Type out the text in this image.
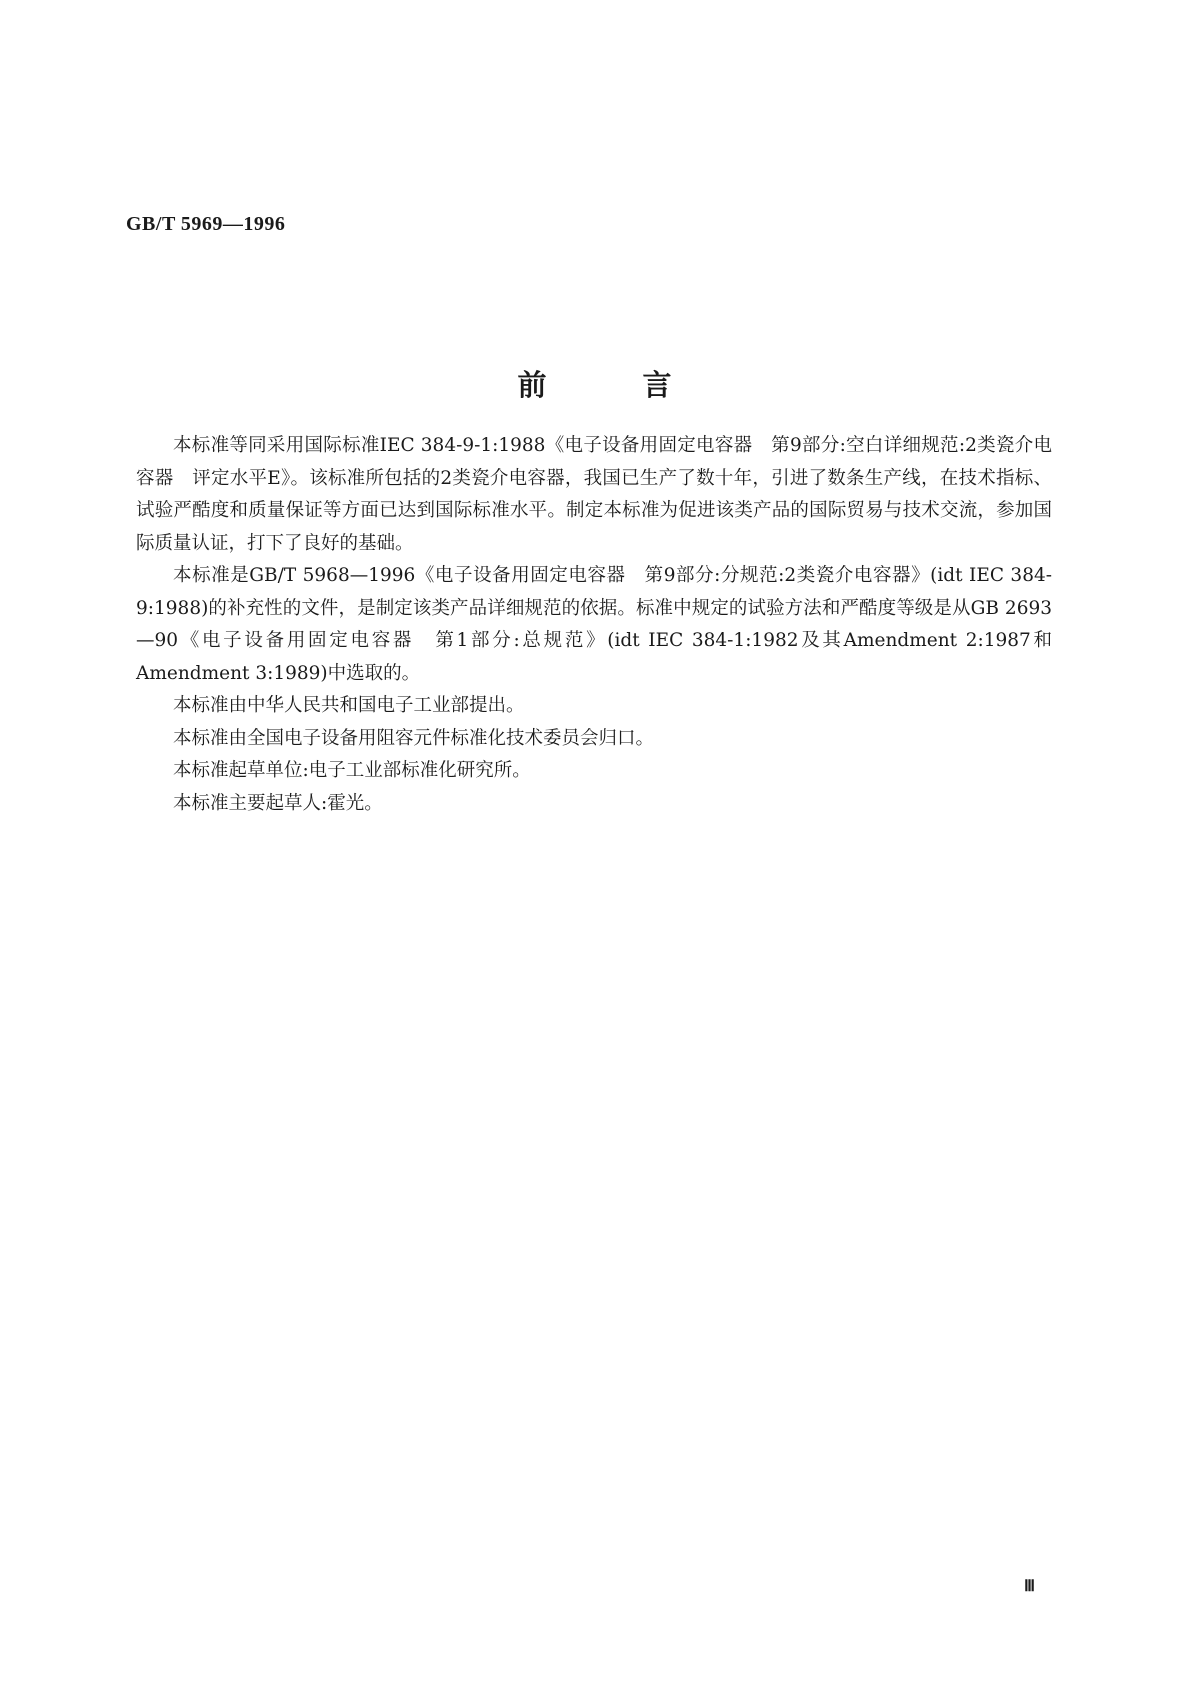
GB/T 5969—1996
前	言

本标准等同采用国际标准IEC 384-9-1:1988《电子设备用固定电容器　第9部分:空白详细规范:2类瓷介电容器　评定水平E》。该标准所包括的2类瓷介电容器，我国已生产了数十年，引进了数条生产线，在技术指标、试验严酷度和质量保证等方面已达到国际标准水平。制定本标准为促进该类产品的国际贸易与技术交流，参加国际质量认证，打下了良好的基础。

本标准是GB/T 5968—1996《电子设备用固定电容器　第9部分:分规范:2类瓷介电容器》(idt IEC 384-9:1988)的补充性的文件，是制定该类产品详细规范的依据。标准中规定的试验方法和严酷度等级是从GB 2693—90《电子设备用固定电容器　第1部分:总规范》(idt IEC 384-1:1982及其Amendment 2:1987和Amendment 3:1989)中选取的。

本标准由中华人民共和国电子工业部提出。

本标准由全国电子设备用阻容元件标准化技术委员会归口。

本标准起草单位:电子工业部标准化研究所。

本标准主要起草人:霍光。

Ⅲ
